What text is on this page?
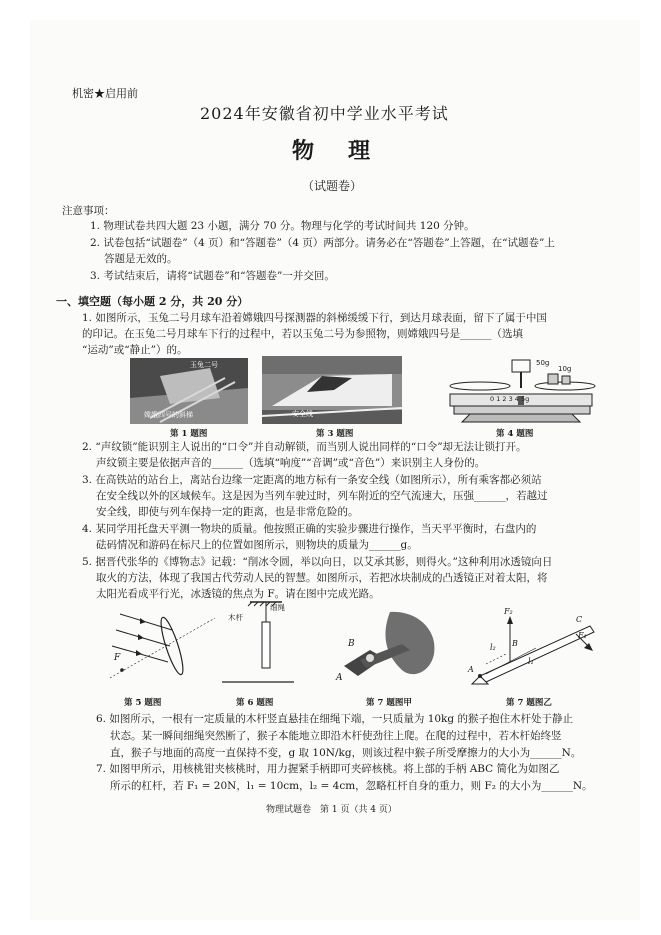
机密★启用前
2024年安徽省初中学业水平考试
物　理
（试题卷）
注意事项：
1. 物理试卷共四大题 23 小题，满分 70 分。物理与化学的考试时间共 120 分钟。
2. 试卷包括“试题卷”（4 页）和“答题卷”（4 页）两部分。请务必在“答题卷”上答题，在“试题卷”上
答题是无效的。
3. 考试结束后，请将“试题卷”和“答题卷”一并交回。
一、填空题（每小题 2 分，共 20 分）
1. 如图所示，玉兔二号月球车沿着嫦娥四号探测器的斜梯缓缓下行，到达月球表面，留下了属于中国
的印记。在玉兔二号月球车下行的过程中，若以玉兔二号为参照物，则嫦娥四号是______（选填
“运动”或“静止”）的。
玉兔二号
嫦娥四号的斜梯
第 1 题图
安全线
第 3 题图
50g
10g
0 1 2 3 4 5g
第 4 题图
2. “声纹锁”能识别主人说出的“口令”并自动解锁，而当别人说出同样的“口令”却无法让锁打开。
声纹锁主要是依据声音的______（选填“响度”“音调”或“音色”）来识别主人身份的。
3. 在高铁站的站台上，离站台边缘一定距离的地方标有一条安全线（如图所示），所有乘客都必须站
在安全线以外的区域候车。这是因为当列车驶过时，列车附近的空气流速大，压强______，若越过
安全线，即使与列车保持一定的距离，也是非常危险的。
4. 某同学用托盘天平测一物块的质量。他按照正确的实验步骤进行操作，当天平平衡时，右盘内的
砝码情况和游码在标尺上的位置如图所示，则物块的质量为______g。
5. 据晋代张华的《博物志》记载：“削冰令圆，举以向日，以艾承其影，则得火。”这种利用冰透镜向日
取火的方法，体现了我国古代劳动人民的智慧。如图所示，若把冰块制成的凸透镜正对着太阳，将
太阳光看成平行光，冰透镜的焦点为 F。请在图中完成光路。
F
第 5 题图
细绳
木杆
第 6 题图
B
A
第 7 题图甲
F₂
F₁
C
B
A
l₂
l₁
第 7 题图乙
6. 如图所示，一根有一定质量的木杆竖直悬挂在细绳下端，一只质量为 10kg 的猴子抱住木杆处于静止
状态。某一瞬间细绳突然断了，猴子本能地立即沿木杆使劲往上爬。在爬的过程中，若木杆始终竖
直，猴子与地面的高度一直保持不变，g 取 10N/kg，则该过程中猴子所受摩擦力的大小为______N。
7. 如图甲所示，用核桃钳夹核桃时，用力握紧手柄即可夹碎核桃。将上部的手柄 ABC 简化为如图乙
所示的杠杆，若 F₁ = 20N，l₁ = 10cm，l₂ = 4cm，忽略杠杆自身的重力，则 F₂ 的大小为______N。
物理试题卷　第 1 页（共 4 页）
